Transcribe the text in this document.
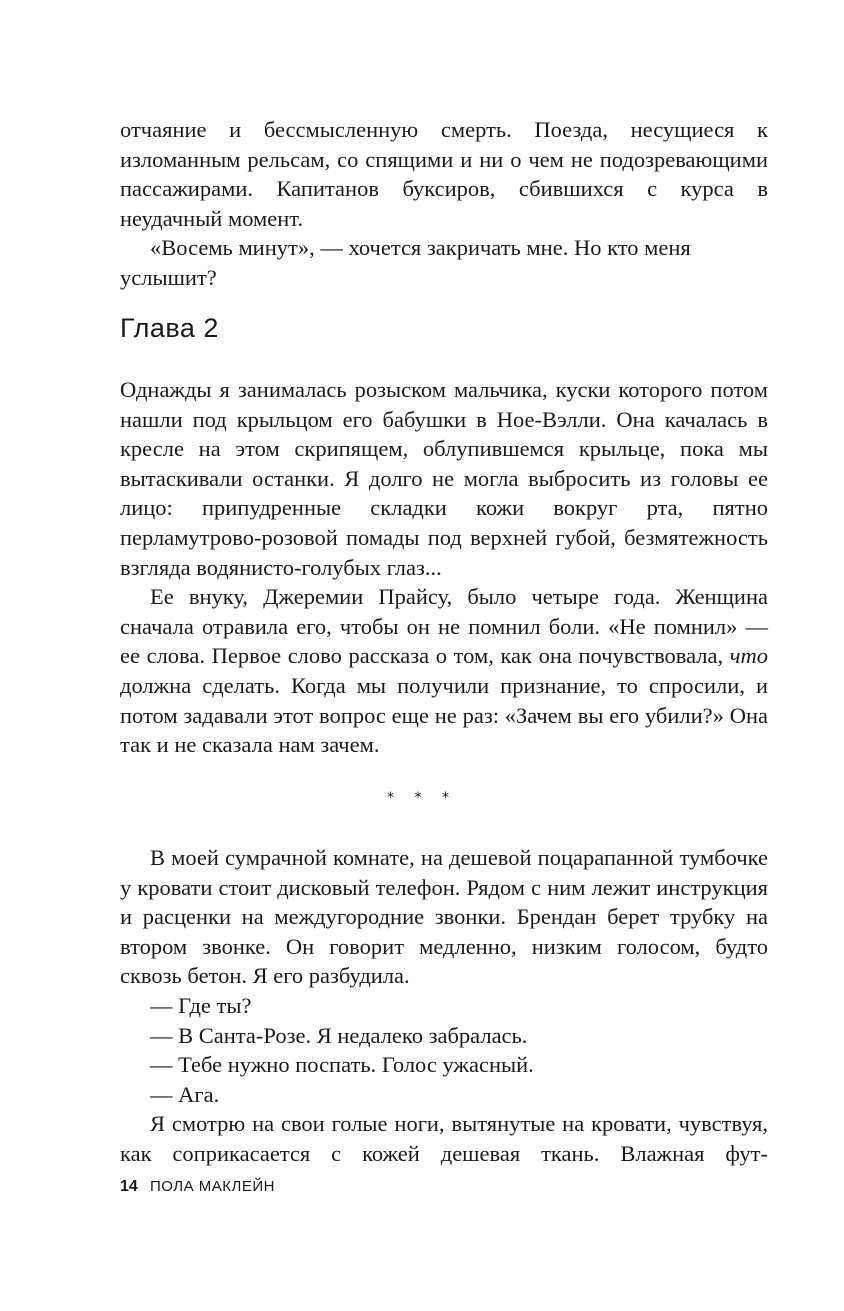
отчаяние и бессмысленную смерть. Поезда, несущиеся к изломанным рельсам, со спящими и ни о чем не подозревающими пассажирами. Капитанов буксиров, сбившихся с курса в неудачный момент.

«Восемь минут», — хочется закричать мне. Но кто меня услышит?

Глава 2

Однажды я занималась розыском мальчика, куски которого потом нашли под крыльцом его бабушки в Ное-Вэлли. Она качалась в кресле на этом скрипящем, облупившемся крыльце, пока мы вытаскивали останки. Я долго не могла выбросить из головы ее лицо: припудренные складки кожи вокруг рта, пятно перламутрово-розовой помады под верхней губой, безмятежность взгляда водянисто-голубых глаз...

Ее внуку, Джеремии Прайсу, было четыре года. Женщина сначала отравила его, чтобы он не помнил боли. «Не помнил» — ее слова. Первое слово рассказа о том, как она почувствовала, что должна сделать. Когда мы получили признание, то спросили, и потом задавали этот вопрос еще не раз: «Зачем вы его убили?» Она так и не сказала нам зачем.

* * *

В моей сумрачной комнате, на дешевой поцарапанной тумбочке у кровати стоит дисковый телефон. Рядом с ним лежит инструкция и расценки на междугородние звонки. Брендан берет трубку на втором звонке. Он говорит медленно, низким голосом, будто сквозь бетон. Я его разбудила.

— Где ты?

— В Санта-Розе. Я недалеко забралась.

— Тебе нужно поспать. Голос ужасный.

— Ага.

Я смотрю на свои голые ноги, вытянутые на кровати, чувствуя, как соприкасается с кожей дешевая ткань. Влажная фут-

14 ПОЛА МАКЛЕЙН
